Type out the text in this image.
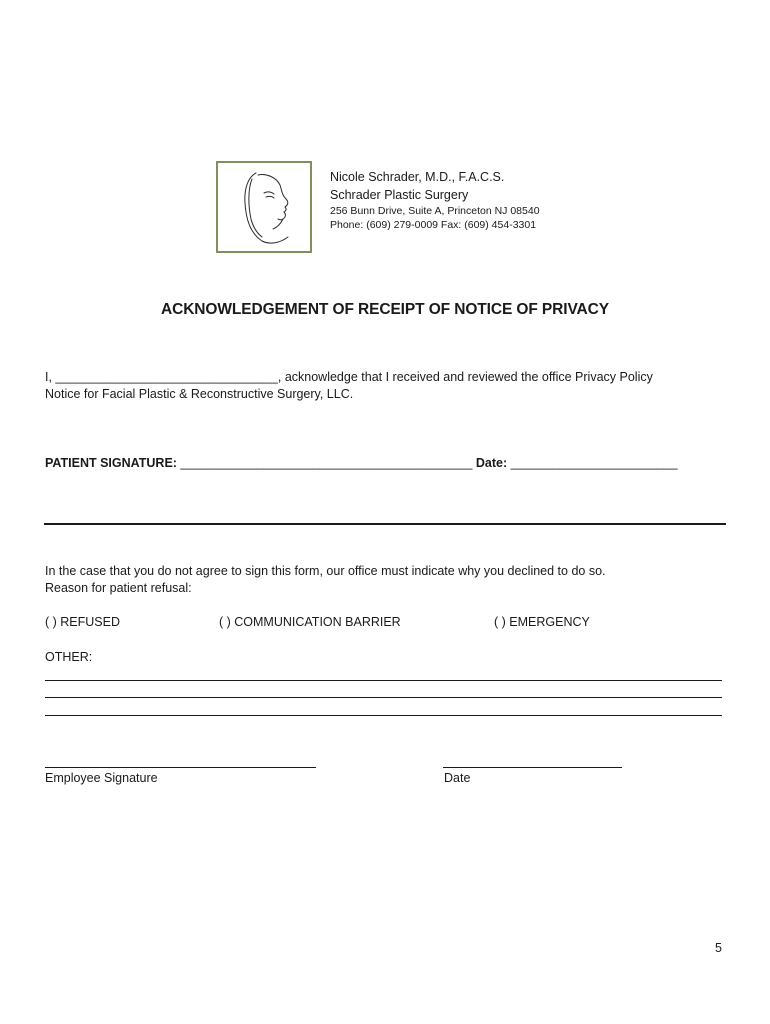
Nicole Schrader, M.D., F.A.C.S.
Schrader Plastic Surgery
256 Bunn Drive, Suite A, Princeton NJ 08540
Phone: (609) 279-0009 Fax: (609) 454-3301
ACKNOWLEDGEMENT OF RECEIPT OF NOTICE OF PRIVACY
I, ________________________________, acknowledge that I received and reviewed the office Privacy Policy
Notice for Facial Plastic & Reconstructive Surgery, LLC.
PATIENT SIGNATURE: __________________________________________ Date: ________________________
In the case that you do not agree to sign this form, our office must indicate why you declined to do so.
Reason for patient refusal:
( ) REFUSED	( ) COMMUNICATION BARRIER	( ) EMERGENCY
OTHER:
Employee Signature	Date
5
